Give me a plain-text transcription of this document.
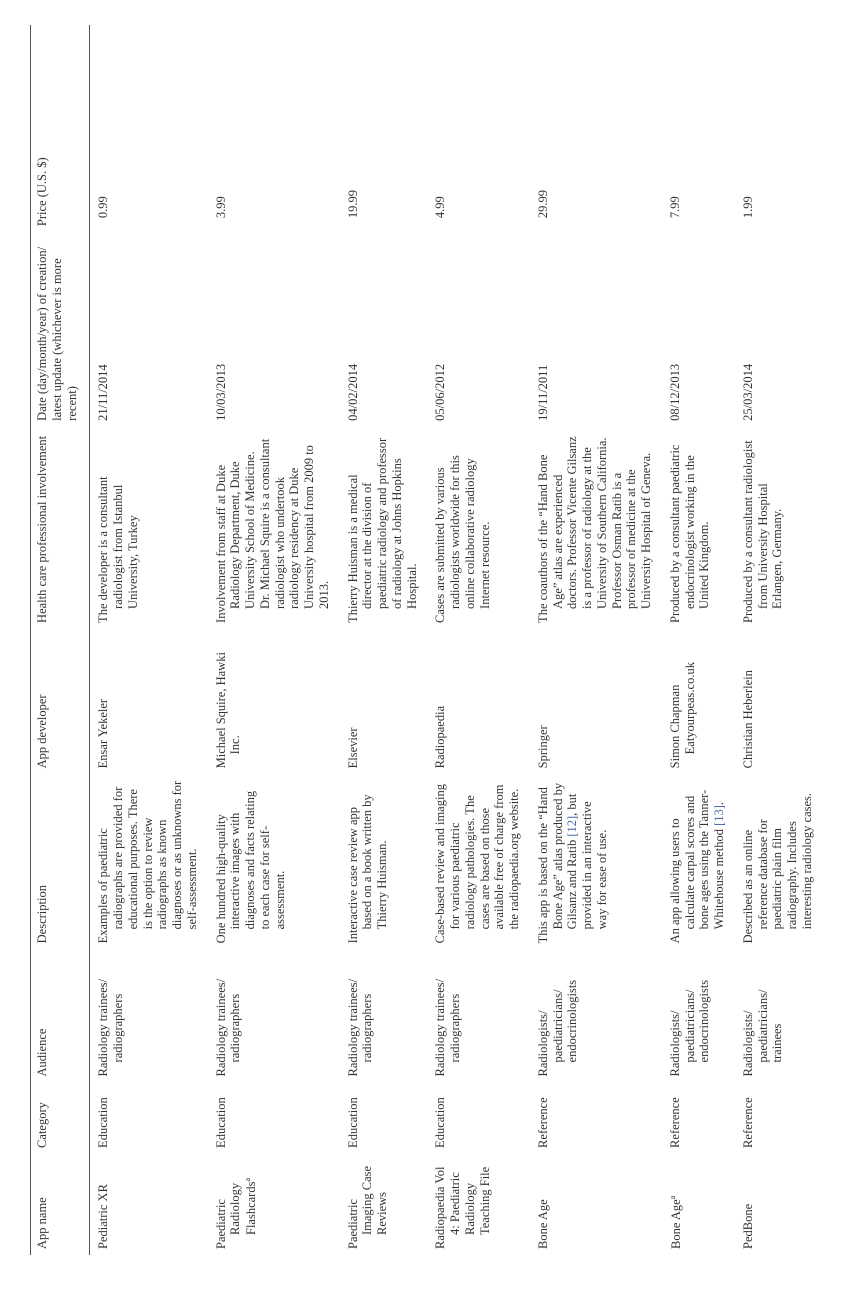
App name	Category	Audience	Description	App developer	Health care professional involvement	Date (day/month/year) of creation/ latest update (whichever is more recent)	Price (U.S. $)

Pediatric XR	Education	Radiology trainees/ radiographers	Examples of paediatric radiographs are provided for educational purposes. There is the option to review radiographs as known diagnoses or as unknowns for self-assessment.	Ensar Yekeler	The developer is a consultant radiologist from Istanbul University, Turkey	21/11/2014	0.99

Paediatric Radiology Flashcards$^a$	Education	Radiology trainees/ radiographers	One hundred high-quality interactive images with diagnoses and facts relating to each case for self-assessment.	Michael Squire, Hawki Inc.	Involvement from staff at Duke Radiology Department, Duke University School of Medicine. Dr. Michael Squire is a consultant radiologist who undertook radiology residency at Duke University hospital from 2009 to 2013.	10/03/2013	3.99

Paediatric Imaging Case Reviews	Education	Radiology trainees/ radiographers	Interactive case review app based on a book written by Thierry Huisman.	Elsevier	Thierry Huisman is a medical director at the division of paediatric radiology and professor of radiology at Johns Hopkins Hospital.	04/02/2014	19.99

Radiopaedia Vol 4: Paediatric Radiology Teaching File	Education	Radiology trainees/ radiographers	Case-based review and imaging for various paediatric radiology pathologies. The cases are based on those available free of charge from the radiopaedia.org website.	Radiopaedia	Cases are submitted by various radiologists worldwide for this online collaborative radiology Internet resource.	05/06/2012	4.99

Bone Age	Reference	Radiologists/ paediatricians/ endocrinologists	This app is based on the “Hand Bone Age” atlas produced by Gilsanz and Ratib [12], but provided in an interactive way for ease of use.	Springer	The coauthors of the “Hand Bone Age” atlas are experienced doctors. Professor Vicente Gilsanz is a professor of radiology at the University of Southern California. Professor Osman Ratib is a professor of medicine at the University Hospital of Geneva.	19/11/2011	29.99

Bone Age$^a$	Reference	Radiologists/ paediatricians/ endocrinologists	An app allowing users to calculate carpal scores and bone ages using the Tanner-Whitehouse method [13].	Simon Chapman Eatyourpeas.co.uk	Produced by a consultant paediatric endocrinologist working in the United Kingdom.	08/12/2013	7.99

PedBone	Reference	Radiologists/ paediatricians/ trainees	Described as an online reference database for paediatric plain film radiography. Includes interesting radiology cases.	Christian Heberlein	Produced by a consultant radiologist from University Hospital Erlangen, Germany.	25/03/2014	1.99
